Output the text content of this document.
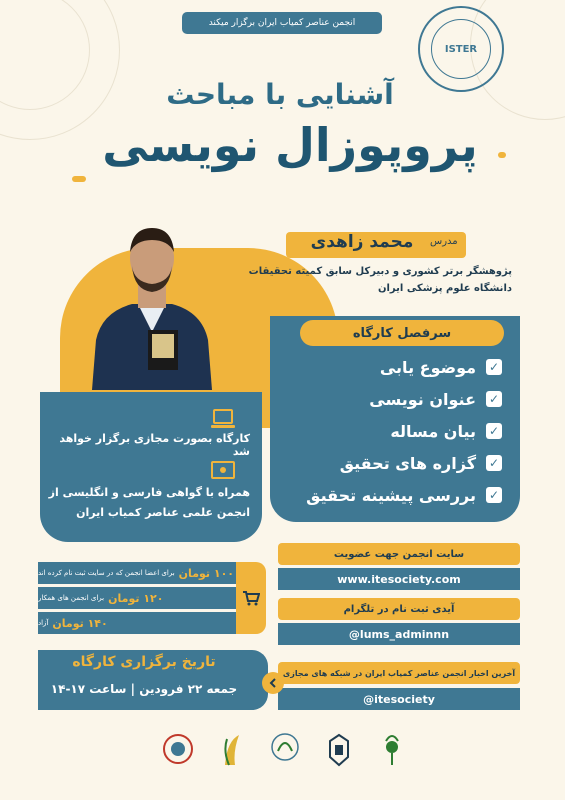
انجمن عناصر کمیاب ایران برگزار میکند
ISTER
آشنایی با مباحث
پروپوزال نویسی
مدرس
محمد زاهدی
پژوهشگر برتر کشوری و دبیرکل سابق کمیته تحقیقات
دانشگاه علوم پزشکی ایران
سرفصل کارگاه
موضوع یابی ✓
عنوان نویسی ✓
بیان مساله ✓
گزاره های تحقیق ✓
بررسی پیشینه تحقیق ✓
کارگاه بصورت مجازی برگزار خواهد شد
همراه با گواهی فارسی و انگلیسی از
انجمن علمی عناصر کمیاب ایران
۱۰۰ تومان
برای اعضا انجمن که در سایت ثبت نام کرده اند
۱۲۰ تومان
برای انجمن های همکار
۱۴۰ تومان
آزاد
تاریخ برگزاری کارگاه
جمعه ۲۲ فرودین | ساعت ۱۷-۱۴
سایت انجمن جهت عضویت
www.itesociety.com
آیدی ثبت نام در تلگرام
@lums_adminnn
آخرین اخبار انجمن عناصر کمیاب ایران در شبکه های مجازی
@itesociety
